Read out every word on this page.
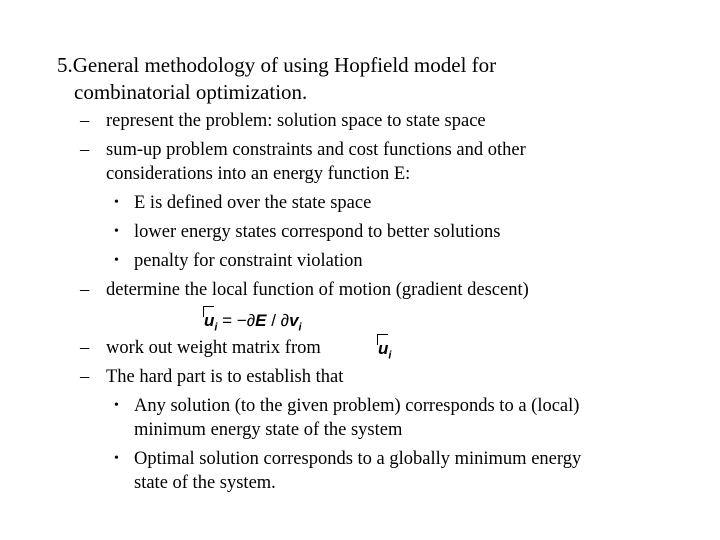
5.General methodology of using Hopfield model for
combinatorial optimization.
– represent the problem: solution space to state space
– sum-up problem constraints and cost functions and other
considerations into an energy function E:
• E is defined over the state space
• lower energy states correspond to better solutions
• penalty for constraint violation
– determine the local function of motion (gradient descent)
$u_i = -\partial E / \partial v_i$
– work out weight matrix from	$u_i$
– The hard part is to establish that
• Any solution (to the given problem) corresponds to a (local)
minimum energy state of the system
• Optimal solution corresponds to a globally minimum energy
state of the system.
